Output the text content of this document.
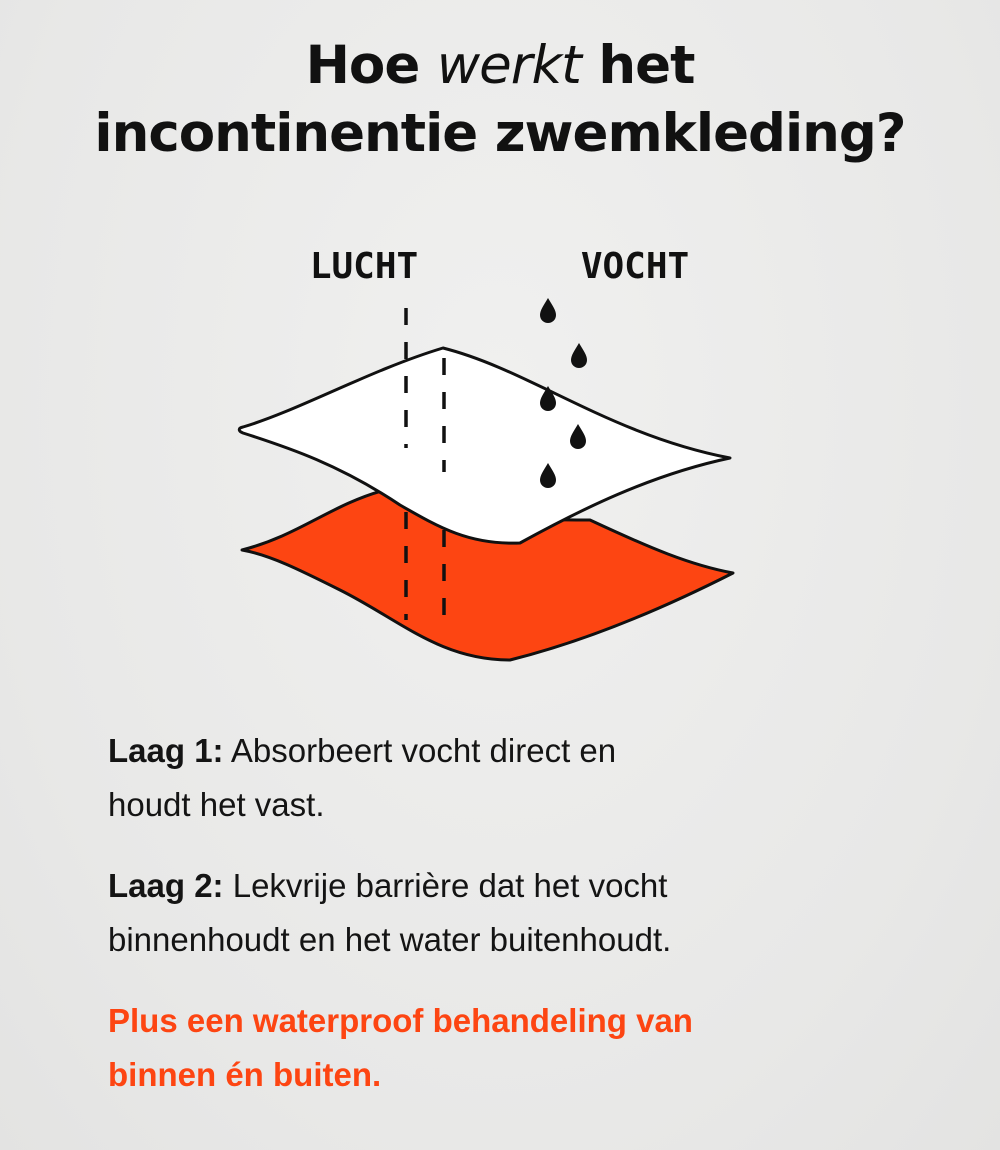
Hoe werkt het
incontinentie zwemkleding?
LUCHT	VOCHT

Laag 1: Absorbeert vocht direct en
houdt het vast.

Laag 2: Lekvrije barrière dat het vocht
binnenhoudt en het water buitenhoudt.

Plus een waterproof behandeling van
binnen én buiten.
